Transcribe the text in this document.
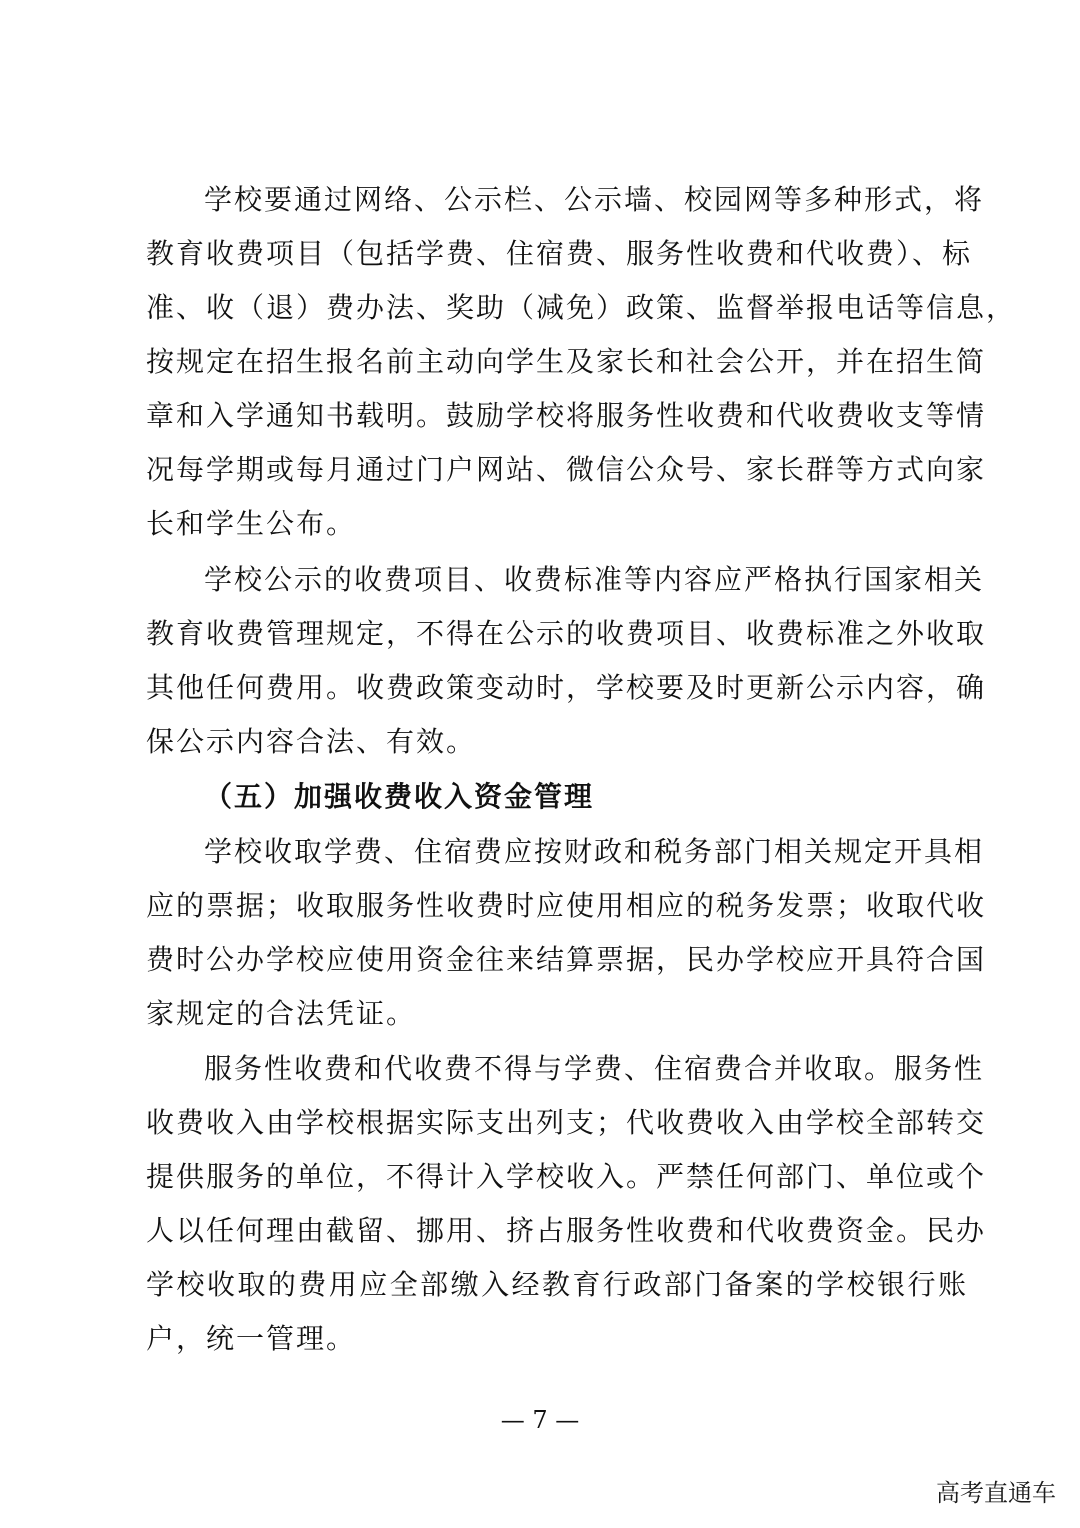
学校要通过网络、公示栏、公示墙、校园网等多种形式，将
教育收费项目（包括学费、住宿费、服务性收费和代收费）、标
准、收（退）费办法、奖助（减免）政策、监督举报电话等信息，
按规定在招生报名前主动向学生及家长和社会公开，并在招生简
章和入学通知书载明。鼓励学校将服务性收费和代收费收支等情
况每学期或每月通过门户网站、微信公众号、家长群等方式向家
长和学生公布。
学校公示的收费项目、收费标准等内容应严格执行国家相关
教育收费管理规定，不得在公示的收费项目、收费标准之外收取
其他任何费用。收费政策变动时，学校要及时更新公示内容，确
保公示内容合法、有效。
（五）加强收费收入资金管理
学校收取学费、住宿费应按财政和税务部门相关规定开具相
应的票据；收取服务性收费时应使用相应的税务发票；收取代收
费时公办学校应使用资金往来结算票据，民办学校应开具符合国
家规定的合法凭证。
服务性收费和代收费不得与学费、住宿费合并收取。服务性
收费收入由学校根据实际支出列支；代收费收入由学校全部转交
提供服务的单位，不得计入学校收入。严禁任何部门、单位或个
人以任何理由截留、挪用、挤占服务性收费和代收费资金。民办
学校收取的费用应全部缴入经教育行政部门备案的学校银行账
户，统一管理。
— 7 —
高考直通车
